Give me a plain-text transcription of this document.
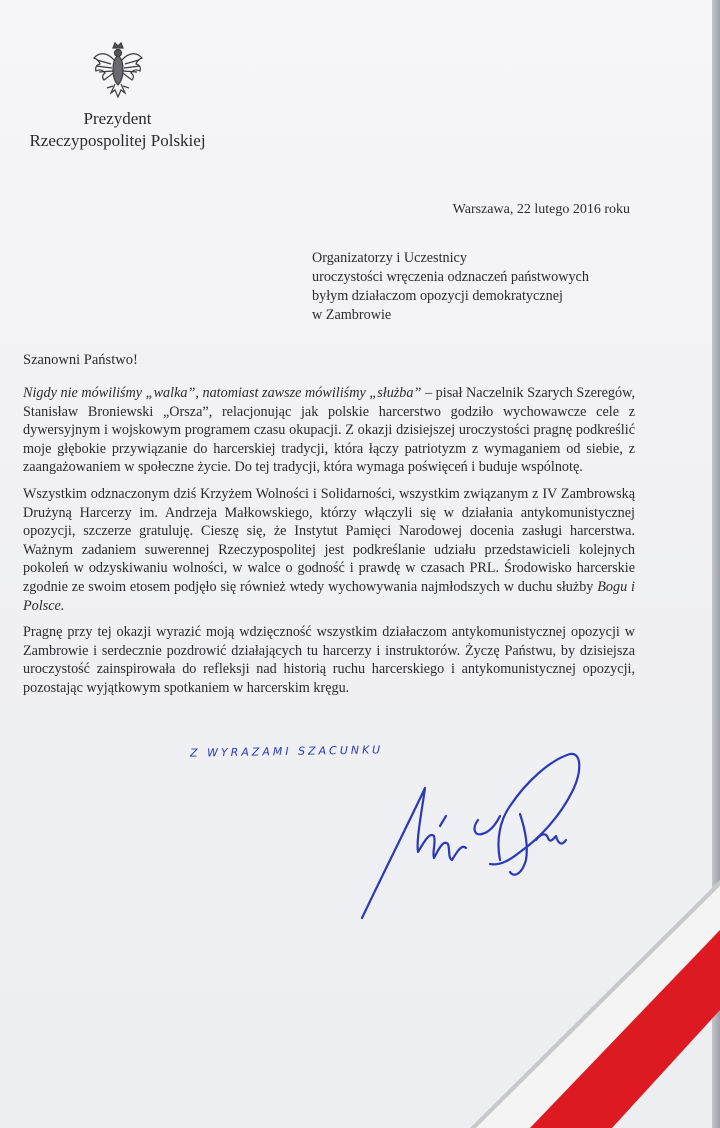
Prezydent
Rzeczypospolitej Polskiej
Warszawa, 22 lutego 2016 roku
Organizatorzy i Uczestnicy
uroczystości wręczenia odznaczeń państwowych
byłym działaczom opozycji demokratycznej
w Zambrowie
Szanowni Państwo!

Nigdy nie mówiliśmy „walka”, natomiast zawsze mówiliśmy „służba” – pisał Naczelnik Szarych Szeregów, Stanisław Broniewski „Orsza”, relacjonując jak polskie harcerstwo godziło wychowawcze cele z dywersyjnym i wojskowym programem czasu okupacji. Z okazji dzisiejszej uroczystości pragnę podkreślić moje głębokie przywiązanie do harcerskiej tradycji, która łączy patriotyzm z wymaganiem od siebie, z zaangażowaniem w społeczne życie. Do tej tradycji, która wymaga poświęceń i buduje wspólnotę.

Wszystkim odznaczonym dziś Krzyżem Wolności i Solidarności, wszystkim związanym z IV Zambrowską Drużyną Harcerzy im. Andrzeja Małkowskiego, którzy włączyli się w działania antykomunistycznej opozycji, szczerze gratuluję. Cieszę się, że Instytut Pamięci Narodowej docenia zasługi harcerstwa. Ważnym zadaniem suwerennej Rzeczypospolitej jest podkreślanie udziału przedstawicieli kolejnych pokoleń w odzyskiwaniu wolności, w walce o godność i prawdę w czasach PRL. Środowisko harcerskie zgodnie ze swoim etosem podjęło się również wtedy wychowywania najmłodszych w duchu służby Bogu i Polsce.

Pragnę przy tej okazji wyrazić moją wdzięczność wszystkim działaczom antykomunistycznej opozycji w Zambrowie i serdecznie pozdrowić działających tu harcerzy i instruktorów. Życzę Państwu, by dzisiejsza uroczystość zainspirowała do refleksji nad historią ruchu harcerskiego i antykomunistycznej opozycji, pozostając wyjątkowym spotkaniem w harcerskim kręgu.

Z WYRAZAMI SZACUNKU
